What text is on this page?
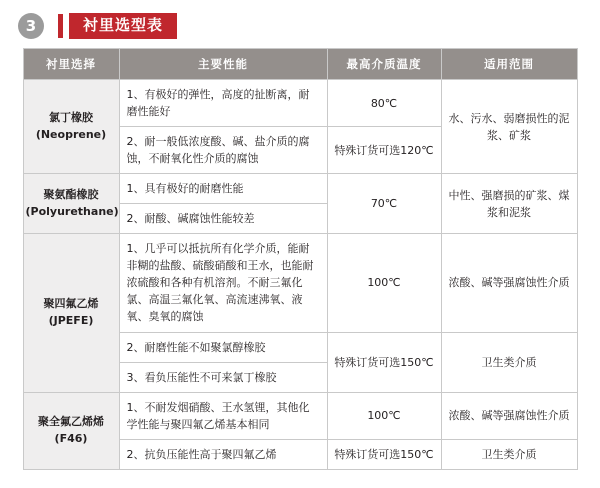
3	衬里选型表
衬里选择	主要性能	最高介质温度	适用范围
氯丁橡胶
(Neoprene)	1、有极好的弹性，高度的扯断离，耐磨性能好	80℃	水、污水、弱磨损性的泥浆、矿浆
	2、耐一般低浓度酸、碱、盐介质的腐蚀，不耐氧化性介质的腐蚀	特殊订货可选120℃	
聚氨酯橡胶
(Polyurethane)	1、具有极好的耐磨性能	70℃	中性、强磨损的矿浆、煤浆和泥浆
	2、耐酸、碱腐蚀性能较差		
聚四氟乙烯
(JPEFE)	1、几乎可以抵抗所有化学介质，能耐非糊的盐酸、硫酸硝酸和王水，也能耐浓硫酸和各种有机溶剂。不耐三氟化氯、高温三氟化氧、高流速沸氧、液氧、臭氧的腐蚀	100℃	浓酸、碱等强腐蚀性介质
	2、耐磨性能不如聚氯醇橡胶	特殊订货可选150℃	卫生类介质
	3、看负压能性不可来氯丁橡胶		
聚全氟乙烯烯
(F46)	1、不耐发烟硝酸、王水氢锂，其他化学性能与聚四氟乙烯基本相同	100℃	浓酸、碱等强腐蚀性介质
	2、抗负压能性高于聚四氟乙烯	特殊订货可选150℃	卫生类介质
